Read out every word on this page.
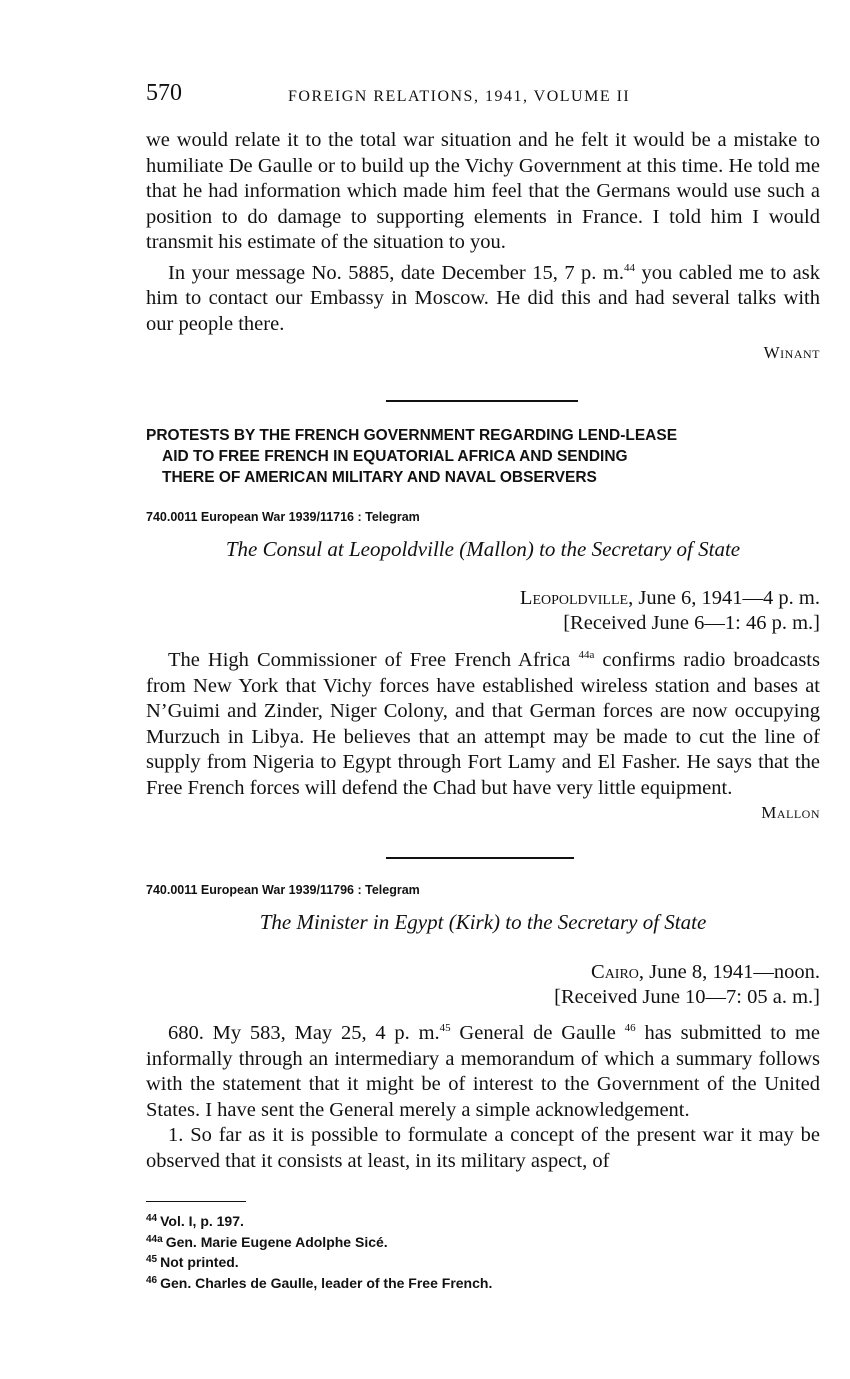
570	FOREIGN RELATIONS, 1941, VOLUME II

we would relate it to the total war situation and he felt it would be a mistake to humiliate De Gaulle or to build up the Vichy Government at this time. He told me that he had information which made him feel that the Germans would use such a position to do damage to supporting elements in France. I told him I would transmit his estimate of the situation to you.

In your message No. 5885, date December 15, 7 p. m.$^{44}$ you cabled me to ask him to contact our Embassy in Moscow. He did this and had several talks with our people there.

Winant

PROTESTS BY THE FRENCH GOVERNMENT REGARDING LEND-LEASE
AID TO FREE FRENCH IN EQUATORIAL AFRICA AND SENDING
THERE OF AMERICAN MILITARY AND NAVAL OBSERVERS
740.0011 European War 1939/11716 : Telegram
The Consul at Leopoldville (Mallon) to the Secretary of State
Leopoldville, June 6, 1941—4 p. m.
[Received June 6—1: 46 p. m.]

The High Commissioner of Free French Africa $^{44a}$ confirms radio broadcasts from New York that Vichy forces have established wireless station and bases at N’Guimi and Zinder, Niger Colony, and that German forces are now occupying Murzuch in Libya. He believes that an attempt may be made to cut the line of supply from Nigeria to Egypt through Fort Lamy and El Fasher. He says that the Free French forces will defend the Chad but have very little equipment.

Mallon

740.0011 European War 1939/11796 : Telegram
The Minister in Egypt (Kirk) to the Secretary of State
Cairo, June 8, 1941—noon.
[Received June 10—7: 05 a. m.]

680. My 583, May 25, 4 p. m.$^{45}$ General de Gaulle $^{46}$ has submitted to me informally through an intermediary a memorandum of which a summary follows with the statement that it might be of interest to the Government of the United States. I have sent the General merely a simple acknowledgement.

1. So far as it is possible to formulate a concept of the present war it may be observed that it consists at least, in its military aspect, of

$^{44}$ Vol. I, p. 197.
$^{44a}$ Gen. Marie Eugene Adolphe Sicé.
$^{45}$ Not printed.
$^{46}$ Gen. Charles de Gaulle, leader of the Free French.
